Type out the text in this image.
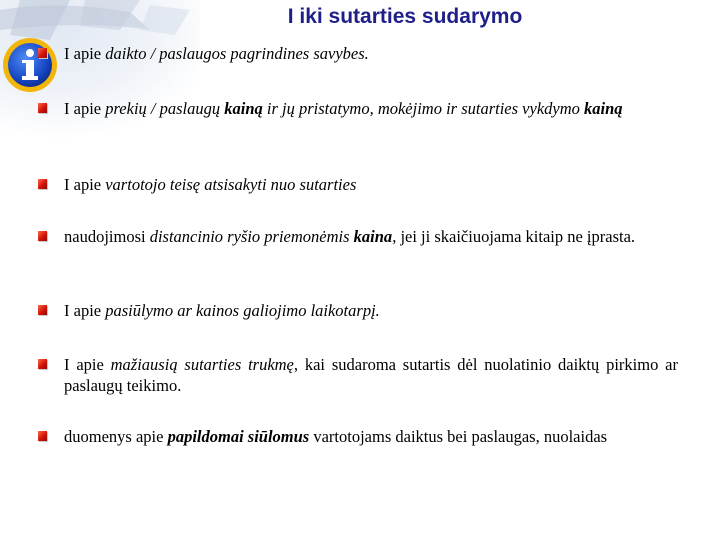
I iki sutarties sudarymo
I apie daikto / paslaugos pagrindines savybes.
I apie prekių / paslaugų kainą ir jų pristatymo, mokėjimo ir sutarties vykdymo kainą
I apie vartotojo teisę atsisakyti nuo sutarties
naudojimosi distancinio ryšio priemonėmis kaina, jei ji skaičiuojama kitaip ne įprasta.
I apie pasiūlymo ar kainos galiojimo laikotarpį.
I apie mažiausią sutarties trukmę, kai sudaroma sutartis dėl nuolatinio daiktų pirkimo ar paslaugų teikimo.
duomenys apie papildomai siūlomus vartotojams daiktus bei paslaugas, nuolaidas
